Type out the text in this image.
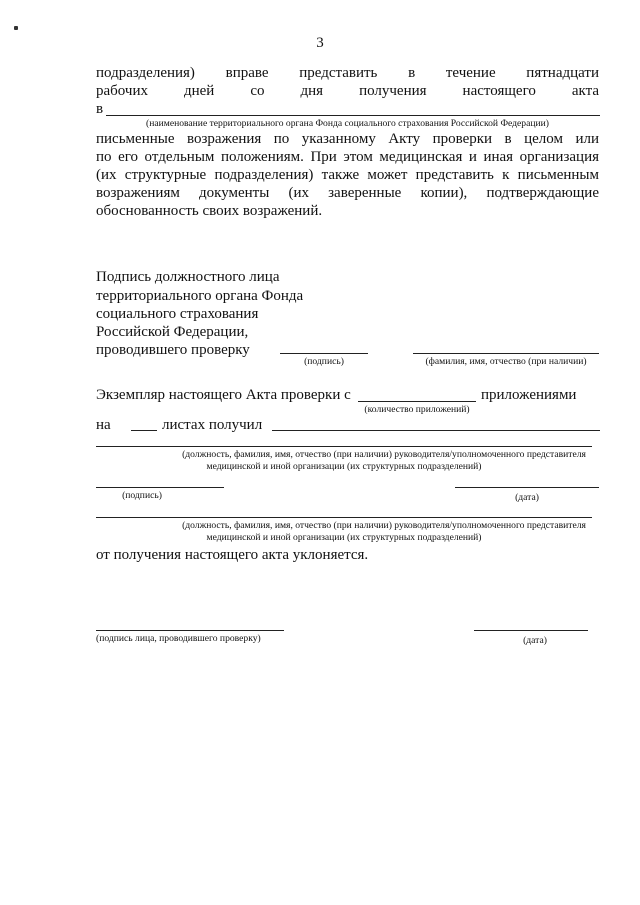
3
подразделения)    вправе    представить    в    течение    пятнадцати
рабочих    дней    со    дня    получения    настоящего    акта
в
(наименование территориального органа Фонда социального страхования Российской Федерации)
письменные возражения по указанному Акту проверки в целом или
по его отдельным положениям. При этом медицинская и иная организация
(их структурные подразделения) также может представить к письменным
возражениям документы (их заверенные копии), подтверждающие
обоснованность своих возражений.
Подпись должностного лица
территориального органа Фонда
социального страхования
Российской Федерации,
проводившего проверку
(подпись)	(фамилия, имя, отчество (при наличии)
Экземпляр настоящего Акта проверки с	приложениями
(количество приложений)
на	листах получил
(должность, фамилия, имя, отчество (при наличии) руководителя/уполномоченного представителя
медицинской и иной организации (их структурных подразделений)
(подпись)	(дата)
(должность, фамилия, имя, отчество (при наличии) руководителя/уполномоченного представителя
медицинской и иной организации (их структурных подразделений)
от получения настоящего акта уклоняется.
(подпись лица, проводившего проверку)	(дата)
